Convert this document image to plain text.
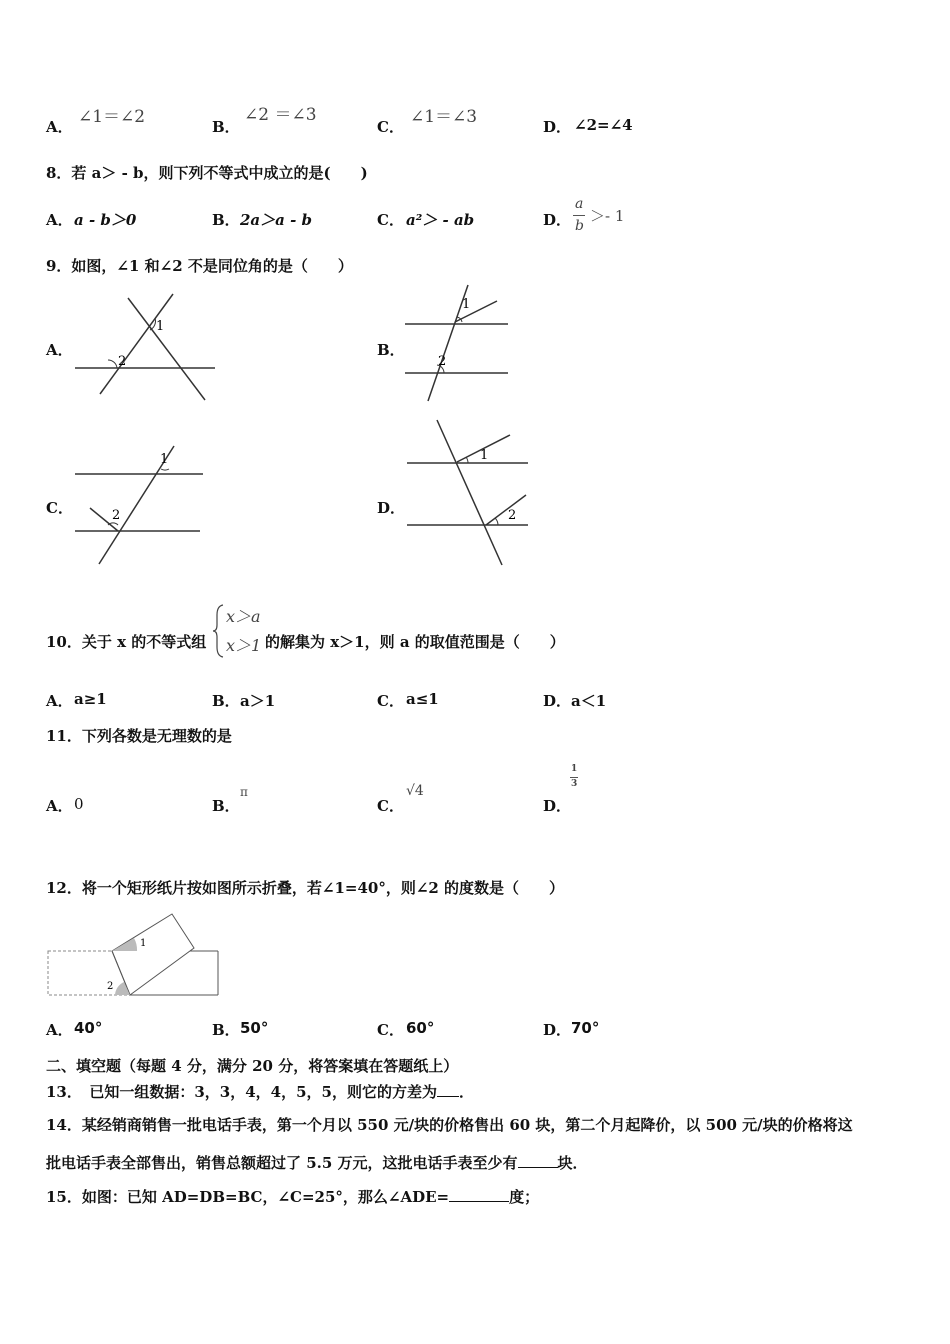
A． ∠1＝∠2	B．
∠2 ＝∠3
C． ∠1＝∠3	D． ∠2=∠4
8．若 a＞ - b，则下列不等式中成立的是(　　)
A． a - b＞0	B． 2a＞a - b	C． a²＞ - ab	D．
a
b
＞- 1
9．如图，∠1 和∠2 不是同位角的是（　　）
A．
1
2
B．
1
2
C．
1
2	D．
1
2
10．关于 x 的不等式组
x＞a
x＞1 的解集为 x＞1，则 a 的取值范围是（　　）
A． a≥1	B． a＞1	C． a≤1	D． a＜1
11．下列各数是无理数的是
A． 0	B．
π
C．
√4
D．
1
3
12．将一个矩形纸片按如图所示折叠，若∠1=40°，则∠2 的度数是（　　）
1
2
A． 40°	B． 50°	C． 60°	D． 70°
二、填空题（每题 4 分，满分 20 分，将答案填在答题纸上）
13．　已知一组数据：3，3，4，4，5，5，则它的方差为 ．
14．某经销商销售一批电话手表，第一个月以 550 元/块的价格售出 60 块，第二个月起降价，以 500 元/块的价格将这
批电话手表全部售出，销售总额超过了 5.5 万元，这批电话手表至少有	块．
15．如图：已知 AD=DB=BC，∠C=25°，那么∠ADE=	度；
